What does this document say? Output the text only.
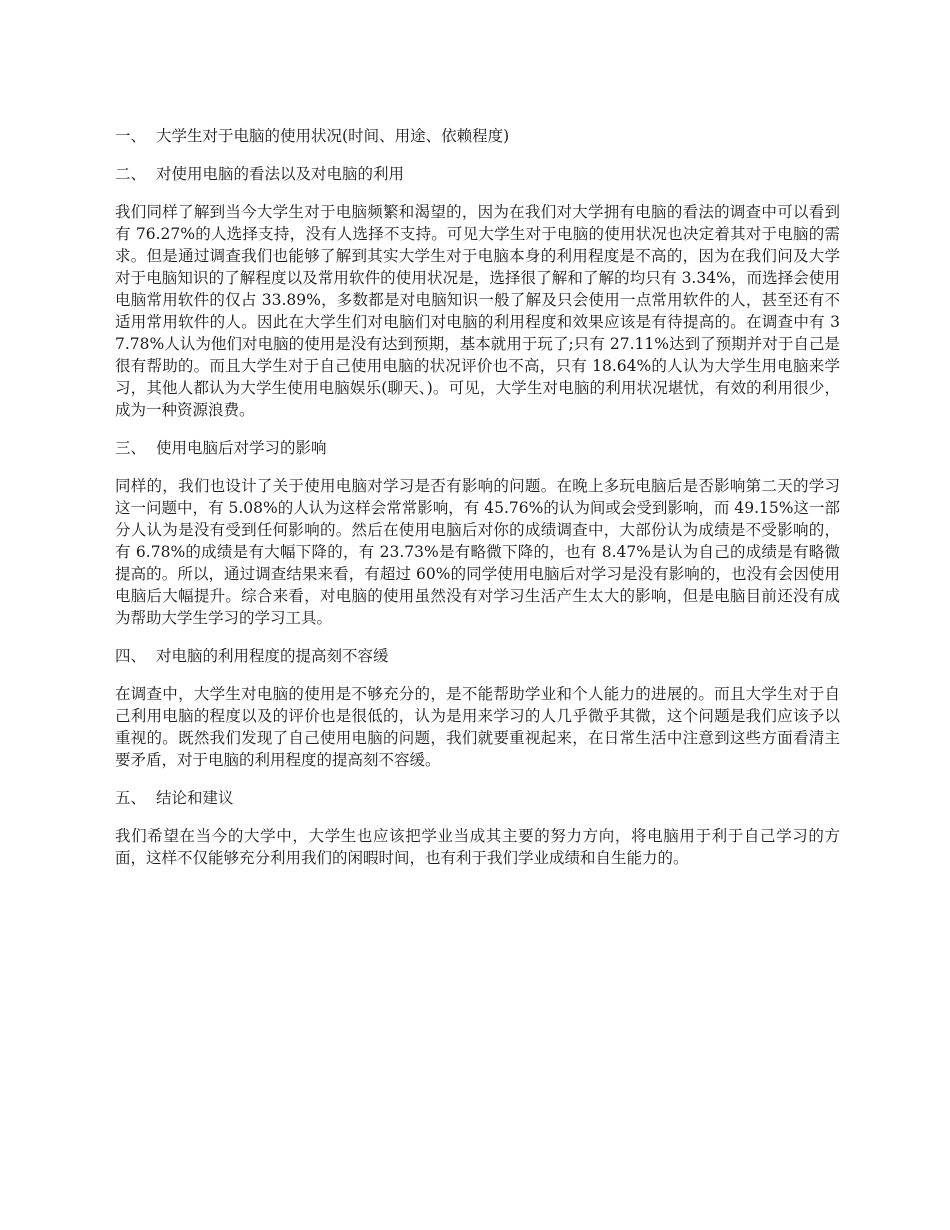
一、 大学生对于电脑的使用状况(时间、用途、依赖程度)
二、 对使用电脑的看法以及对电脑的利用

我们同样了解到当今大学生对于电脑频繁和渴望的，因为在我们对大学拥有电脑的看法的调查中可以看到有 76.27%的人选择支持，没有人选择不支持。可见大学生对于电脑的使用状况也决定着其对于电脑的需求。但是通过调查我们也能够了解到其实大学生对于电脑本身的利用程度是不高的，因为在我们问及大学对于电脑知识的了解程度以及常用软件的使用状况是，选择很了解和了解的均只有 3.34%，而选择会使用电脑常用软件的仅占 33.89%，多数都是对电脑知识一般了解及只会使用一点常用软件的人，甚至还有不适用常用软件的人。因此在大学生们对电脑们对电脑的利用程度和效果应该是有待提高的。在调查中有 37.78%人认为他们对电脑的使用是没有达到预期，基本就用于玩了;只有 27.11%达到了预期并对于自己是很有帮助的。而且大学生对于自己使用电脑的状况评价也不高，只有 18.64%的人认为大学生用电脑来学习，其他人都认为大学生使用电脑娱乐(聊天、)。可见，大学生对电脑的利用状况堪忧，有效的利用很少，成为一种资源浪费。

三、 使用电脑后对学习的影响

同样的，我们也设计了关于使用电脑对学习是否有影响的问题。在晚上多玩电脑后是否影响第二天的学习这一问题中，有 5.08%的人认为这样会常常影响，有 45.76%的认为间或会受到影响，而 49.15%这一部分人认为是没有受到任何影响的。然后在使用电脑后对你的成绩调查中，大部份认为成绩是不受影响的，有 6.78%的成绩是有大幅下降的，有 23.73%是有略微下降的，也有 8.47%是认为自己的成绩是有略微提高的。所以，通过调查结果来看，有超过 60%的同学使用电脑后对学习是没有影响的，也没有会因使用电脑后大幅提升。综合来看，对电脑的使用虽然没有对学习生活产生太大的影响，但是电脑目前还没有成为帮助大学生学习的学习工具。

四、 对电脑的利用程度的提高刻不容缓

在调查中，大学生对电脑的使用是不够充分的，是不能帮助学业和个人能力的进展的。而且大学生对于自己利用电脑的程度以及的评价也是很低的，认为是用来学习的人几乎微乎其微，这个问题是我们应该予以重视的。既然我们发现了自己使用电脑的问题，我们就要重视起来，在日常生活中注意到这些方面看清主要矛盾，对于电脑的利用程度的提高刻不容缓。

五、 结论和建议

我们希望在当今的大学中，大学生也应该把学业当成其主要的努力方向，将电脑用于利于自己学习的方面，这样不仅能够充分利用我们的闲暇时间，也有利于我们学业成绩和自生能力的。
